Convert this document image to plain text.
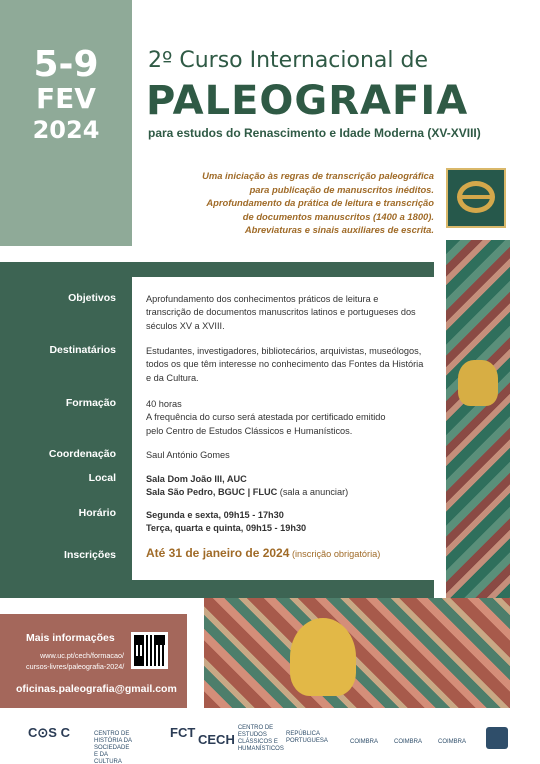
5-9
FEV
2024
2º Curso Internacional de
PALEOGRAFIA
para estudos do Renascimento e Idade Moderna (XV-XVIII)
Uma iniciação às regras de transcrição paleográfica
para publicação de manuscritos inéditos.
Aprofundamento da prática de leitura e transcrição
de documentos manuscritos (1400 a 1800).
Abreviaturas e sinais auxiliares de escrita.
Objetivos	Aprofundamento dos conhecimentos práticos de leitura e
transcrição de documentos manuscritos latinos e portugueses dos
séculos XV a XVIII.
Destinatários	Estudantes, investigadores, bibliotecários, arquivistas, museólogos,
todos os que têm interesse no conhecimento das Fontes da História
e da Cultura.
Formação	40 horas
A frequência do curso será atestada por certificado emitido
pelo Centro de Estudos Clássicos e Humanísticos.
Coordenação	Saul António Gomes
Local	Sala Dom João III, AUC
Sala São Pedro, BGUC | FLUC (sala a anunciar)
Horário	Segunda e sexta, 09h15 - 17h30
Terça, quarta e quinta, 09h15 - 19h30
Inscrições	Até 31 de janeiro de 2024 (inscrição obrigatória)
Mais informações
www.uc.pt/cech/formacao/
cursos-livres/paleografia-2024/
oficinas.paleografia@gmail.com
C⊙S C	CENTRO DE HISTÓRIA DA SOCIEDADE E DA CULTURA
FCT CECHCENTRO DE ESTUDOS CLÁSSICOS E HUMANÍSTICOS
REPÚBLICA PORTUGUESA	COIMBRA	COIMBRA	COIMBRA
